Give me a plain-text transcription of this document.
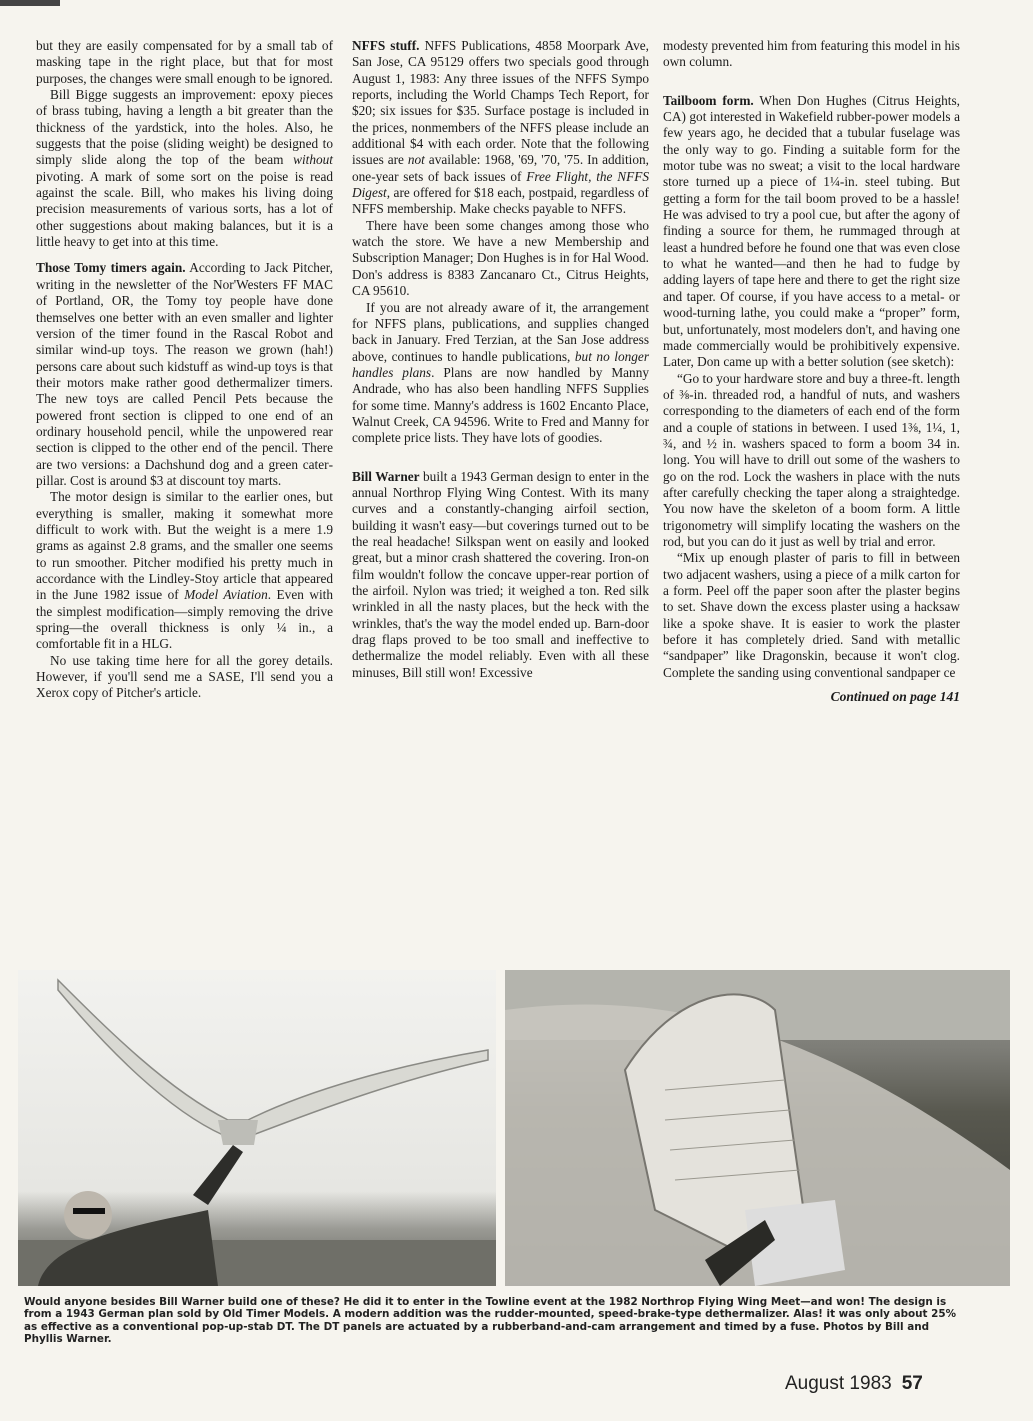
but they are easily compensated for by a small tab of masking tape in the right place, but that for most purposes, the changes were small enough to be ignored.

Bill Bigge suggests an improvement: epoxy pieces of brass tubing, having a length a bit greater than the thickness of the yardstick, into the holes. Also, he suggests that the poise (sliding weight) be designed to simply slide along the top of the beam without pivoting. A mark of some sort on the poise is read against the scale. Bill, who makes his living doing precision measurements of various sorts, has a lot of other suggestions about making balances, but it is a little heavy to get into at this time.

Those Tomy timers again. According to Jack Pitcher, writing in the newsletter of the Nor'Westers FF MAC of Portland, OR, the Tomy toy people have done themselves one better with an even smaller and lighter version of the timer found in the Rascal Robot and similar wind-up toys. The reason we grown (hah!) persons care about such kidstuff as wind-up toys is that their motors make rather good dethermalizer timers. The new toys are called Pencil Pets because the powered front section is clipped to one end of an ordinary household pencil, while the unpowered rear section is clipped to the other end of the pencil. There are two versions: a Dachshund dog and a green caterpillar. Cost is around $3 at discount toy marts.

The motor design is similar to the earlier ones, but everything is smaller, making it somewhat more difficult to work with. But the weight is a mere 1.9 grams as against 2.8 grams, and the smaller one seems to run smoother. Pitcher modified his pretty much in accordance with the Lindley-Stoy article that appeared in the June 1982 issue of Model Aviation. Even with the simplest modification—simply removing the drive spring—the overall thickness is only ¼ in., a comfortable fit in a HLG.

No use taking time here for all the gorey details. However, if you'll send me a SASE, I'll send you a Xerox copy of Pitcher's article.

NFFS stuff. NFFS Publications, 4858 Moorpark Ave, San Jose, CA 95129 offers two specials good through August 1, 1983: Any three issues of the NFFS Sympo reports, including the World Champs Tech Report, for $20; six issues for $35. Surface postage is included in the prices, nonmembers of the NFFS please include an additional $4 with each order. Note that the following issues are not available: 1968, '69, '70, '75. In addition, one-year sets of back issues of Free Flight, the NFFS Digest, are offered for $18 each, postpaid, regardless of NFFS membership. Make checks payable to NFFS.

There have been some changes among those who watch the store. We have a new Membership and Subscription Manager; Don Hughes is in for Hal Wood. Don's address is 8383 Zancanaro Ct., Citrus Heights, CA 95610.

If you are not already aware of it, the arrangement for NFFS plans, publications, and supplies changed back in January. Fred Terzian, at the San Jose address above, continues to handle publications, but no longer handles plans. Plans are now handled by Manny Andrade, who has also been handling NFFS Supplies for some time. Manny's address is 1602 Encanto Place, Walnut Creek, CA 94596. Write to Fred and Manny for complete price lists. They have lots of goodies.

Bill Warner built a 1943 German design to enter in the annual Northrop Flying Wing Contest. With its many curves and a constantly-changing airfoil section, building it wasn't easy—but coverings turned out to be the real headache! Silkspan went on easily and looked great, but a minor crash shattered the covering. Iron-on film wouldn't follow the concave upper-rear portion of the airfoil. Nylon was tried; it weighed a ton. Red silk wrinkled in all the nasty places, but the heck with the wrinkles, that's the way the model ended up. Barn-door drag flaps proved to be too small and ineffective to dethermalize the model reliably. Even with all these minuses, Bill still won! Excessive

modesty prevented him from featuring this model in his own column.

Tailboom form. When Don Hughes (Citrus Heights, CA) got interested in Wakefield rubber-power models a few years ago, he decided that a tubular fuselage was the only way to go. Finding a suitable form for the motor tube was no sweat; a visit to the local hardware store turned up a piece of 1¼-in. steel tubing. But getting a form for the tail boom proved to be a hassle! He was advised to try a pool cue, but after the agony of finding a source for them, he rummaged through at least a hundred before he found one that was even close to what he wanted—and then he had to fudge by adding layers of tape here and there to get the right size and taper. Of course, if you have access to a metal- or wood-turning lathe, you could make a “proper” form, but, unfortunately, most modelers don't, and having one made commercially would be prohibitively expensive. Later, Don came up with a better solution (see sketch):

“Go to your hardware store and buy a three-ft. length of ⅜-in. threaded rod, a handful of nuts, and washers corresponding to the diameters of each end of the form and a couple of stations in between. I used 1⅜, 1¼, 1, ¾, and ½ in. washers spaced to form a boom 34 in. long. You will have to drill out some of the washers to go on the rod. Lock the washers in place with the nuts after carefully checking the taper along a straightedge. You now have the skeleton of a boom form. A little trigonometry will simplify locating the washers on the rod, but you can do it just as well by trial and error.

“Mix up enough plaster of paris to fill in between two adjacent washers, using a piece of a milk carton for a form. Peel off the paper soon after the plaster begins to set. Shave down the excess plaster using a hacksaw like a spoke shave. It is easier to work the plaster before it has completely dried. Sand with metallic “sandpaper” like Dragonskin, because it won't clog. Complete the sanding using conventional sandpaper ce

Continued on page 141
Would anyone besides Bill Warner build one of these? He did it to enter in the Towline event at the 1982 Northrop Flying Wing Meet—and won! The design is from a 1943 German plan sold by Old Timer Models. A modern addition was the rudder-mounted, speed-brake-type dethermalizer. Alas! it was only about 25% as effective as a conventional pop-up-stab DT. The DT panels are actuated by a rubberband-and-cam arrangement and timed by a fuse. Photos by Bill and Phyllis Warner.
August 1983 57
